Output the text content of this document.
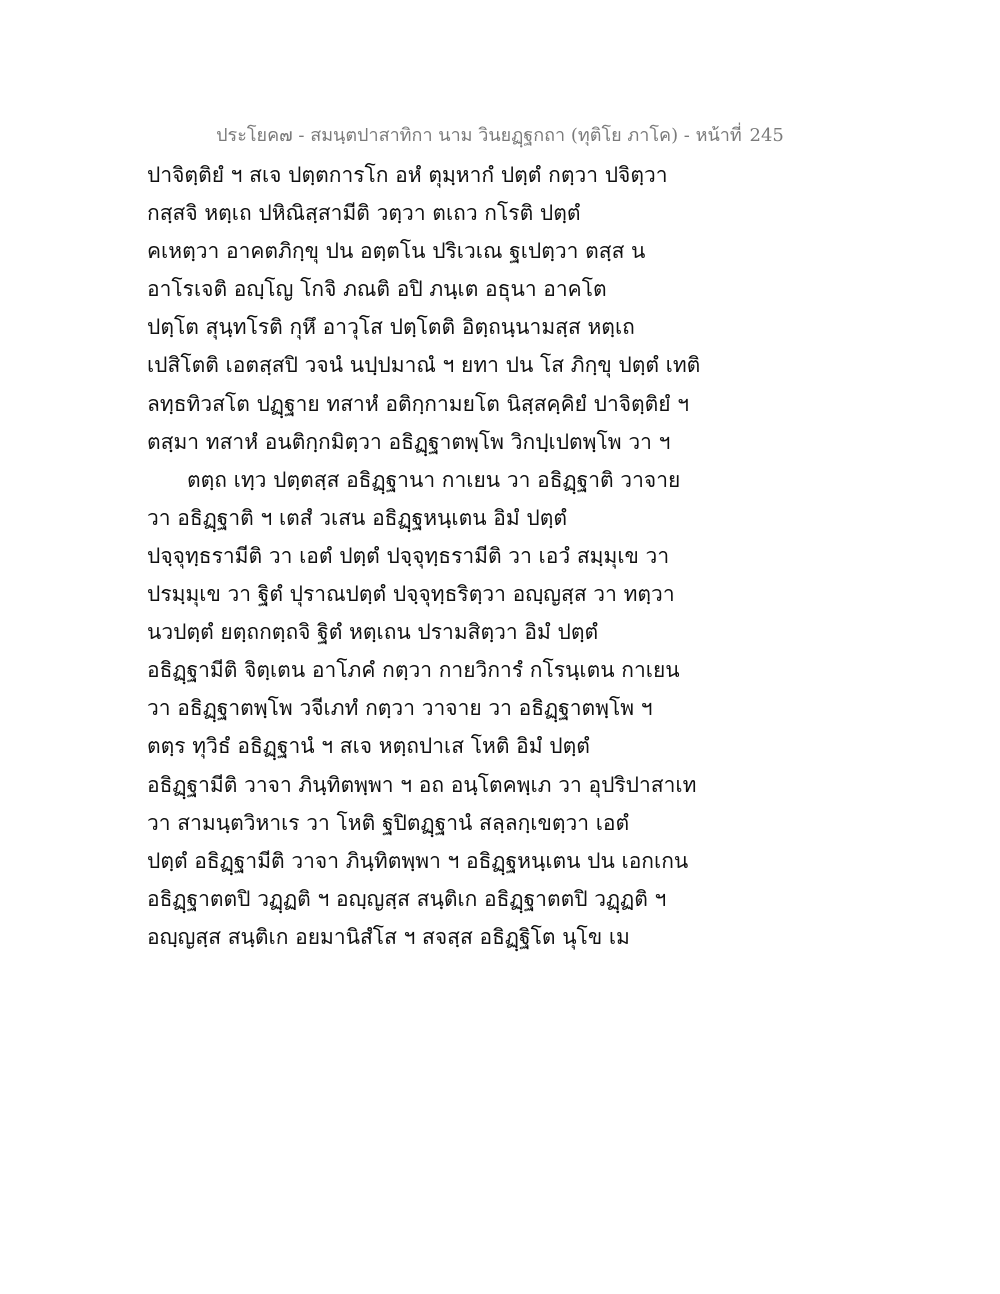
ประโยค๗ - สมนฺตปาสาทิกา นาม วินยฏฺฐกถา (ทุติโย ภาโค) - หน้าที่ 245
ปาจิตฺติยํ ฯ สเจ ปตฺตการโก อหํ ตุมฺหากํ ปตฺตํ กตฺวา ปจิตฺวา
กสฺสจิ หตฺเถ ปหิณิสฺสามีติ วตฺวา ตเถว กโรติ ปตฺตํ
คเหตฺวา อาคตภิกฺขุ ปน อตฺตโน ปริเวเณ ฐเปตฺวา ตสฺส น
อาโรเจติ อญฺโญ โกจิ ภณติ อปิ ภนฺเต อธุนา อาคโต
ปตฺโต สุนฺทโรติ กุหึ อาวุโส ปตฺโตติ อิตฺถนฺนามสฺส หตฺเถ
เปสิโตติ เอตสฺสปิ วจนํ นปฺปมาณํ ฯ ยทา ปน โส ภิกฺขุ ปตฺตํ เทติ
ลทฺธทิวสโต ปฏฺฐาย ทสาหํ อติกฺกามยโต นิสฺสคฺคิยํ ปาจิตฺติยํ ฯ
ตสฺมา ทสาหํ อนติกฺกมิตฺวา อธิฏฺฐาตพฺโพ วิกปฺเปตพฺโพ วา ฯ
ตตฺถ เทฺว ปตฺตสฺส อธิฏฺฐานา กาเยน วา อธิฏฺฐาติ วาจาย
วา อธิฏฺฐาติ ฯ เตสํ วเสน อธิฏฺฐหนฺเตน อิมํ ปตฺตํ
ปจฺจุทฺธรามีติ วา เอตํ ปตฺตํ ปจฺจุทฺธรามีติ วา เอวํ สมฺมุเข วา
ปรมฺมุเข วา ฐิตํ ปุราณปตฺตํ ปจฺจุทฺธริตฺวา อญฺญสฺส วา ทตฺวา
นวปตฺตํ ยตฺถกตฺถจิ ฐิตํ หตฺเถน ปรามสิตฺวา อิมํ ปตฺตํ
อธิฏฺฐามีติ จิตฺเตน อาโภคํ กตฺวา กายวิการํ กโรนฺเตน กาเยน
วา อธิฏฺฐาตพฺโพ วจีเภทํ กตฺวา วาจาย วา อธิฏฺฐาตพฺโพ ฯ
ตตฺร ทุวิธํ อธิฏฺฐานํ ฯ สเจ หตฺถปาเส โหติ อิมํ ปตฺตํ
อธิฏฺฐามีติ วาจา ภินฺทิตพฺพา ฯ อถ อนฺโตคพฺเภ วา อุปริปาสาเท
วา สามนฺตวิหาเร วา โหติ ฐปิตฏฺฐานํ สลฺลกฺเขตฺวา เอตํ
ปตฺตํ อธิฏฺฐามีติ วาจา ภินฺทิตพฺพา ฯ อธิฏฺฐหนฺเตน ปน เอกเกน
อธิฏฺฐาตตปิ วฏฺฏติ ฯ อญฺญสฺส สนฺติเก อธิฏฺฐาตตปิ วฏฺฏติ ฯ
อญฺญสฺส สนฺติเก อยมานิสํโส ฯ สจสฺส อธิฏฺฐิโต นุโข เม
